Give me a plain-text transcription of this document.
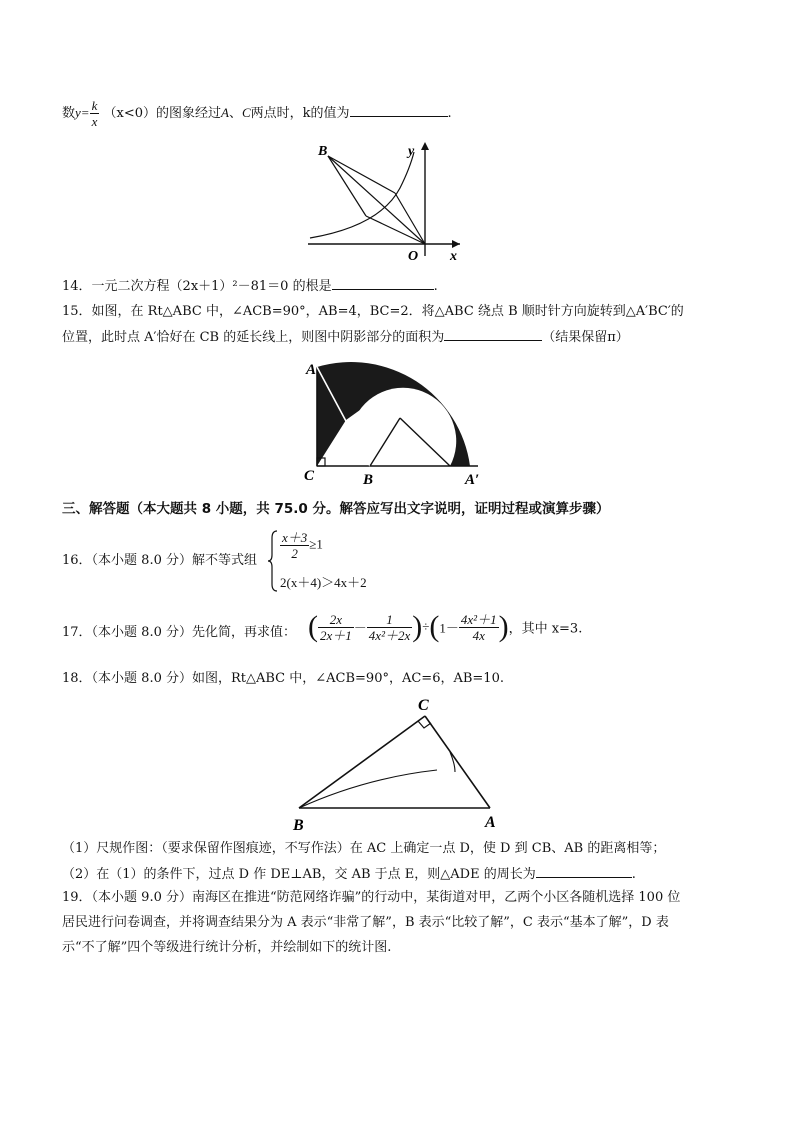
数$y= \frac{k}{x} (x<0)$的图象经过A、C两点时，k的值为	.
B	y
O x
14．一元二次方程（2x＋1）²－81＝0 的根是	.
15．如图，在 Rt△ABC 中，∠ACB=90°，AB=4，BC=2．将△ABC 绕点 B 顺时针方向旋转到△A′BC′的
位置，此时点 A′恰好在 CB 的延长线上，则图中阴影部分的面积为	（结果保留π）
A
C	B	A′
三、解答题（本大题共 8 小题，共 75.0 分。解答应写出文字说明，证明过程或演算步骤）
16．（本小题 8.0 分）解不等式组 $\frac{x+3}{2} \ge 1$
2(x＋4)＞4x＋2
17．（本小题 8.0 分）先化简，再求值： ( $\frac{2x}{2x+1} - \frac{1}{\text{4x²＋2x}} )\div(1- \frac{\text{4x²＋1}}{4x}$ )，其中 x=3.
18．（本小题 8.0 分）如图，Rt△ABC 中，∠ACB=90°，AC=6，AB=10.
C
B	A
（1）尺规作图：（要求保留作图痕迹，不写作法）在 AC 上确定一点 D，使 D 到 CB、AB 的距离相等；
（2）在（1）的条件下，过点 D 作 DE⊥AB，交 AB 于点 E，则△ADE 的周长为	.
19．（本小题 9.0 分）南海区在推进“防范网络诈骗”的行动中，某街道对甲，乙两个小区各随机选择 100 位
居民进行问卷调查，并将调查结果分为 A 表示“非常了解”，B 表示“比较了解”，C 表示“基本了解”，D 表
示“不了解”四个等级进行统计分析，并绘制如下的统计图.
